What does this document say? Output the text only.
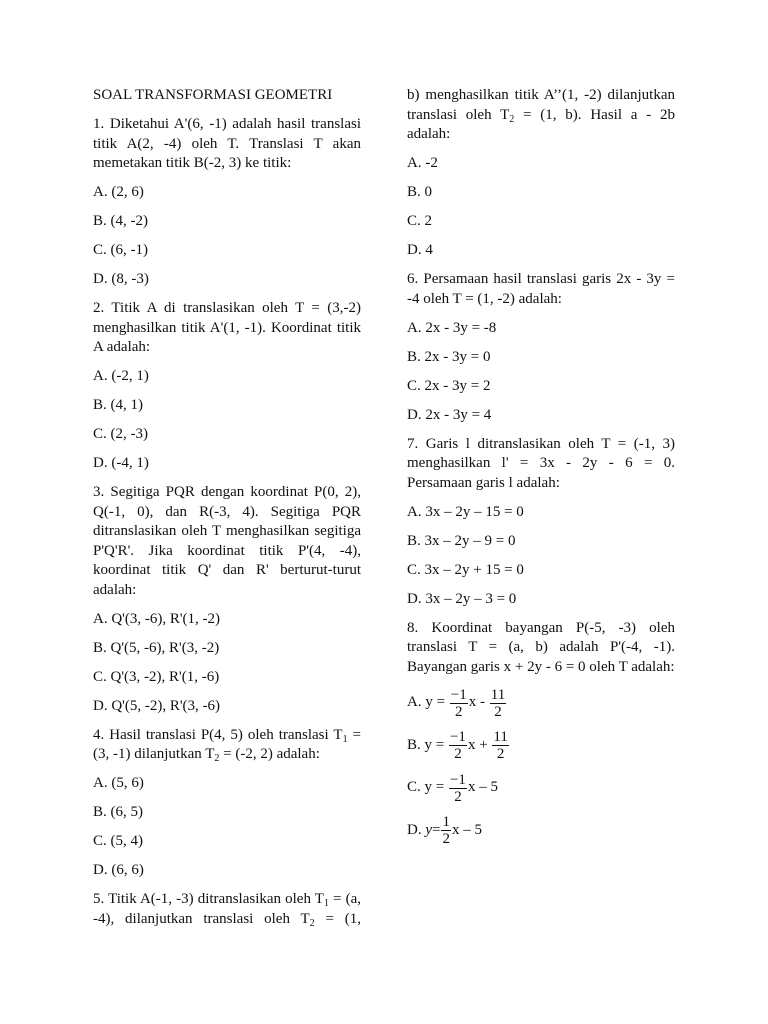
SOAL TRANSFORMASI GEOMETRI

1. Diketahui A'(6, -1) adalah hasil translasi titik A(2, -4) oleh T. Translasi T akan memetakan titik B(-2, 3) ke titik:

A. (2, 6)

B. (4, -2)

C. (6, -1)

D. (8, -3)

2. Titik A di translasikan oleh T = (3,-2) menghasilkan titik A'(1, -1). Koordinat titik A adalah:

A. (-2, 1)

B. (4, 1)

C. (2, -3)

D. (-4, 1)

3. Segitiga PQR dengan koordinat P(0, 2), Q(-1, 0), dan R(-3, 4). Segitiga PQR ditranslasikan oleh T menghasilkan segitiga P'Q'R'. Jika koordinat titik P'(4, -4), koordinat titik Q' dan R' berturut-turut adalah:

A. Q'(3, -6), R'(1, -2)

B. Q'(5, -6), R'(3, -2)

C. Q'(3, -2), R'(1, -6)

D. Q'(5, -2), R'(3, -6)

4. Hasil translasi P(4, 5) oleh translasi $T_1 = (3$, -1) dilanjutkan $T_2 = (-2$, 2) adalah:

A. (5, 6)

B. (6, 5)

C. (5, 4)

D. (6, 6)

5. Titik A(-1, -3) ditranslasikan oleh $T_1 = (a$, -4), dilanjutkan translasi oleh $T_2 = (1$,

b) menghasilkan titik A’’(1, -2) dilanjutkan translasi oleh $T_2 = (1$, b). Hasil a - 2b adalah:

A. -2

B. 0

C. 2

D. 4

6. Persamaan hasil translasi garis 2x - 3y = -4 oleh T = (1, -2) adalah:

A. 2x - 3y = -8

B. 2x - 3y = 0

C. 2x - 3y = 2

D. 2x - 3y = 4

7. Garis l ditranslasikan oleh T = (-1, 3) menghasilkan l' = 3x - 2y - 6 = 0. Persamaan garis l adalah:

A. 3x – 2y – 15 = 0

B. 3x – 2y – 9 = 0

C. 3x – 2y + 15 = 0

D. 3x – 2y – 3 = 0

8. Koordinat bayangan P(-5, -3) oleh translasi T = (a, b) adalah P'(-4, -1). Bayangan garis x + 2y - 6 = 0 oleh T adalah:

A. $y = \frac{-1}{2}$ x - $\frac{11}{2}$
B. $y = \frac{-1}{2}$ $x + \frac{11}{2}$
C. $y = \frac{-1}{2}$ x – 5
D. $y = \frac{1}{2}$ x – 5
